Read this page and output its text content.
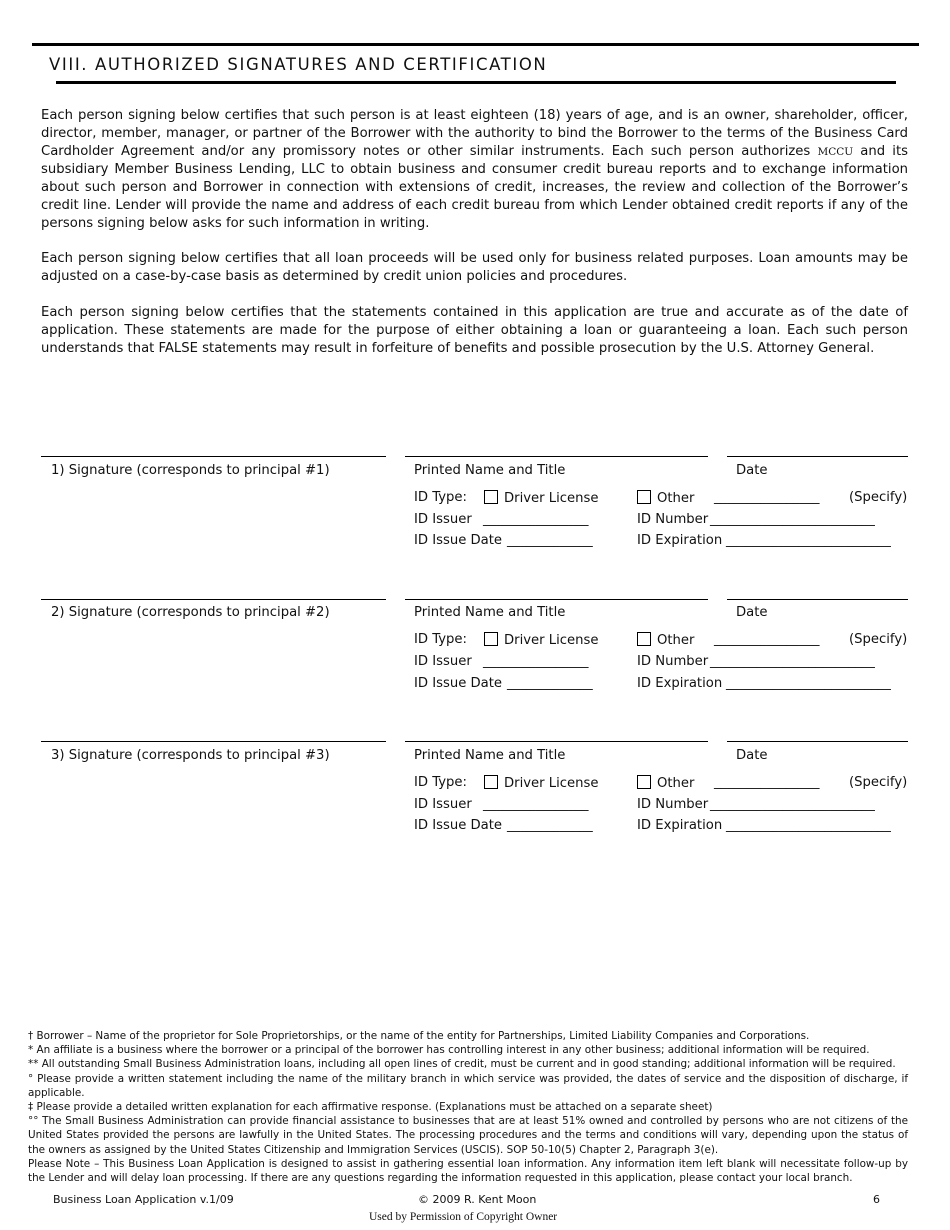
VIII. AUTHORIZED SIGNATURES AND CERTIFICATION
Each person signing below certifies that such person is at least eighteen (18) years of age, and is an owner, shareholder, officer, director, member, manager, or partner of the Borrower with the authority to bind the Borrower to the terms of the Business Card Cardholder Agreement and/or any promissory notes or other similar instruments. Each such person authorizes MCCU and its subsidiary Member Business Lending, LLC to obtain business and consumer credit bureau reports and to exchange information about such person and Borrower in connection with extensions of credit, increases, the review and collection of the Borrower’s credit line. Lender will provide the name and address of each credit bureau from which Lender obtained credit reports if any of the persons signing below asks for such information in writing.
Each person signing below certifies that all loan proceeds will be used only for business related purposes. Loan amounts may be adjusted on a case-by-case basis as determined by credit union policies and procedures.
Each person signing below certifies that the statements contained in this application are true and accurate as of the date of application. These statements are made for the purpose of either obtaining a loan or guaranteeing a loan. Each such person understands that FALSE statements may result in forfeiture of benefits and possible prosecution by the U.S. Attorney General.
1) Signature (corresponds to principal #1)	Printed Name and Title	Date
ID Type:	Driver License	Other ________________ (Specify)
ID Issuer ________________	ID Number _________________________
ID Issue Date _____________	ID Expiration _________________________
2) Signature (corresponds to principal #2)	Printed Name and Title	Date
ID Type:	Driver License	Other ________________ (Specify)
ID Issuer ________________	ID Number _________________________
ID Issue Date _____________	ID Expiration _________________________
3) Signature (corresponds to principal #3)	Printed Name and Title	Date
ID Type:	Driver License	Other ________________ (Specify)
ID Issuer ________________	ID Number _________________________
ID Issue Date _____________	ID Expiration _________________________

† Borrower – Name of the proprietor for Sole Proprietorships, or the name of the entity for Partnerships, Limited Liability Companies and Corporations.

* An affiliate is a business where the borrower or a principal of the borrower has controlling interest in any other business; additional information will be required.

** All outstanding Small Business Administration loans, including all open lines of credit, must be current and in good standing; additional information will be required.

° Please provide a written statement including the name of the military branch in which service was provided, the dates of service and the disposition of discharge, if applicable.

‡ Please provide a detailed written explanation for each affirmative response. (Explanations must be attached on a separate sheet)

°° The Small Business Administration can provide financial assistance to businesses that are at least 51% owned and controlled by persons who are not citizens of the United States provided the persons are lawfully in the United States. The processing procedures and the terms and conditions will vary, depending upon the status of the owners as assigned by the United States Citizenship and Immigration Services (USCIS). SOP 50-10(5) Chapter 2, Paragraph 3(e).

Please Note – This Business Loan Application is designed to assist in gathering essential loan information. Any information item left blank will necessitate follow-up by the Lender and will delay loan processing. If there are any questions regarding the information requested in this application, please contact your local branch.

Business Loan Application v.1/09	© 2009 R. Kent Moon	6
Used by Permission of Copyright Owner
